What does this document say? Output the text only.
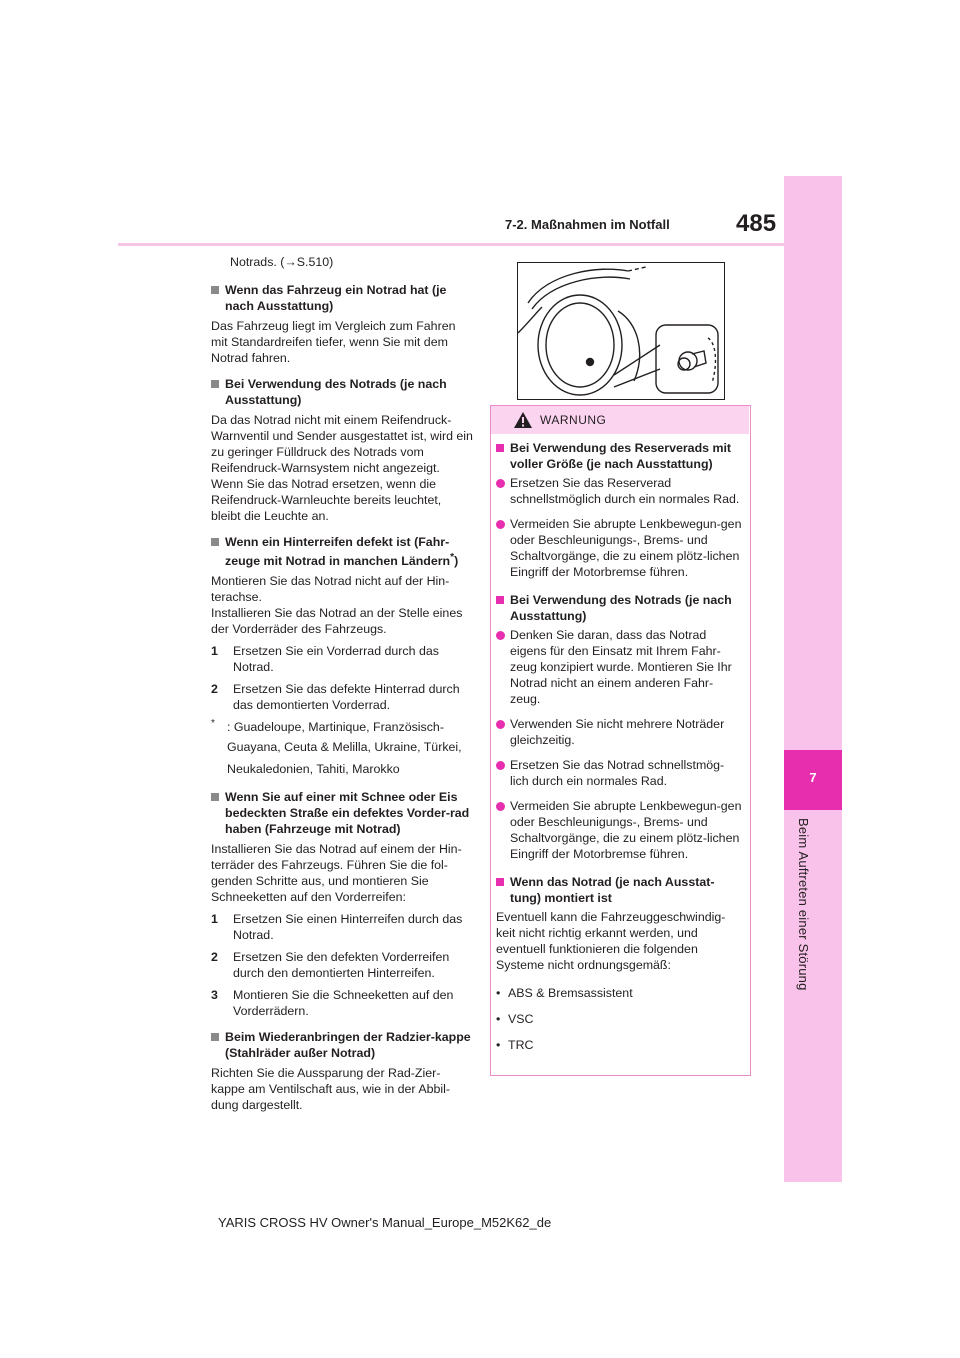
7-2. Maßnahmen im Notfall	485
7
Beim Auftreten einer Störung

Notrads. (→S.510)

Wenn das Fahrzeug ein Notrad hat (je nach Ausstattung)

Das Fahrzeug liegt im Vergleich zum Fahren mit Standardreifen tiefer, wenn Sie mit dem Notrad fahren.

Bei Verwendung des Notrads (je nach Ausstattung)

Da das Notrad nicht mit einem Reifendruck-Warnventil und Sender ausgestattet ist, wird ein zu geringer Fülldruck des Notrads vom Reifendruck-Warnsystem nicht angezeigt. Wenn Sie das Notrad ersetzen, wenn die Reifendruck-Warnleuchte bereits leuchtet, bleibt die Leuchte an.

Wenn ein Hinterreifen defekt ist (Fahr-zeuge mit Notrad in manchen Ländern*)

Montieren Sie das Notrad nicht auf der Hin-terachse.

Installieren Sie das Notrad an der Stelle eines der Vorderräder des Fahrzeugs.

1 Ersetzen Sie ein Vorderrad durch das Notrad.
2 Ersetzen Sie das defekte Hinterrad durch das demontierten Vorderrad.
* : Guadeloupe, Martinique, Französisch-
Guayana, Ceuta & Melilla, Ukraine, Türkei,
Neukaledonien, Tahiti, Marokko
Wenn Sie auf einer mit Schnee oder Eis bedeckten Straße ein defektes Vorder-rad haben (Fahrzeuge mit Notrad)

Installieren Sie das Notrad auf einem der Hin-terräder des Fahrzeugs. Führen Sie die fol-genden Schritte aus, und montieren Sie Schneeketten auf den Vorderreifen:

1 Ersetzen Sie einen Hinterreifen durch das Notrad.
2 Ersetzen Sie den defekten Vorderreifen durch den demontierten Hinterreifen.
3 Montieren Sie die Schneeketten auf den Vorderrädern.
Beim Wiederanbringen der Radzier-kappe (Stahlräder außer Notrad)

Richten Sie die Aussparung der Rad-Zier-kappe am Ventilschaft aus, wie in der Abbil-dung dargestellt.

WARNUNG
Bei Verwendung des Reserverads mit voller Größe (je nach Ausstattung)
Ersetzen Sie das Reserverad schnellstmöglich durch ein normales Rad.
Vermeiden Sie abrupte Lenkbewegun-gen oder Beschleunigungs-, Brems- und Schaltvorgänge, die zu einem plötz-lichen Eingriff der Motorbremse führen.
Bei Verwendung des Notrads (je nach Ausstattung)
Denken Sie daran, dass das Notrad eigens für den Einsatz mit Ihrem Fahr-zeug konzipiert wurde. Montieren Sie Ihr Notrad nicht an einem anderen Fahr-zeug.
Verwenden Sie nicht mehrere Noträder gleichzeitig.
Ersetzen Sie das Notrad schnellstmög-lich durch ein normales Rad.
Vermeiden Sie abrupte Lenkbewegun-gen oder Beschleunigungs-, Brems- und Schaltvorgänge, die zu einem plötz-lichen Eingriff der Motorbremse führen.
Wenn das Notrad (je nach Ausstat-tung) montiert ist

Eventuell kann die Fahrzeuggeschwindig-keit nicht richtig erkannt werden, und eventuell funktionieren die folgenden Systeme nicht ordnungsgemäß:

• ABS & Bremsassistent
• VSC
• TRC
YARIS CROSS HV Owner's Manual_Europe_M52K62_de
